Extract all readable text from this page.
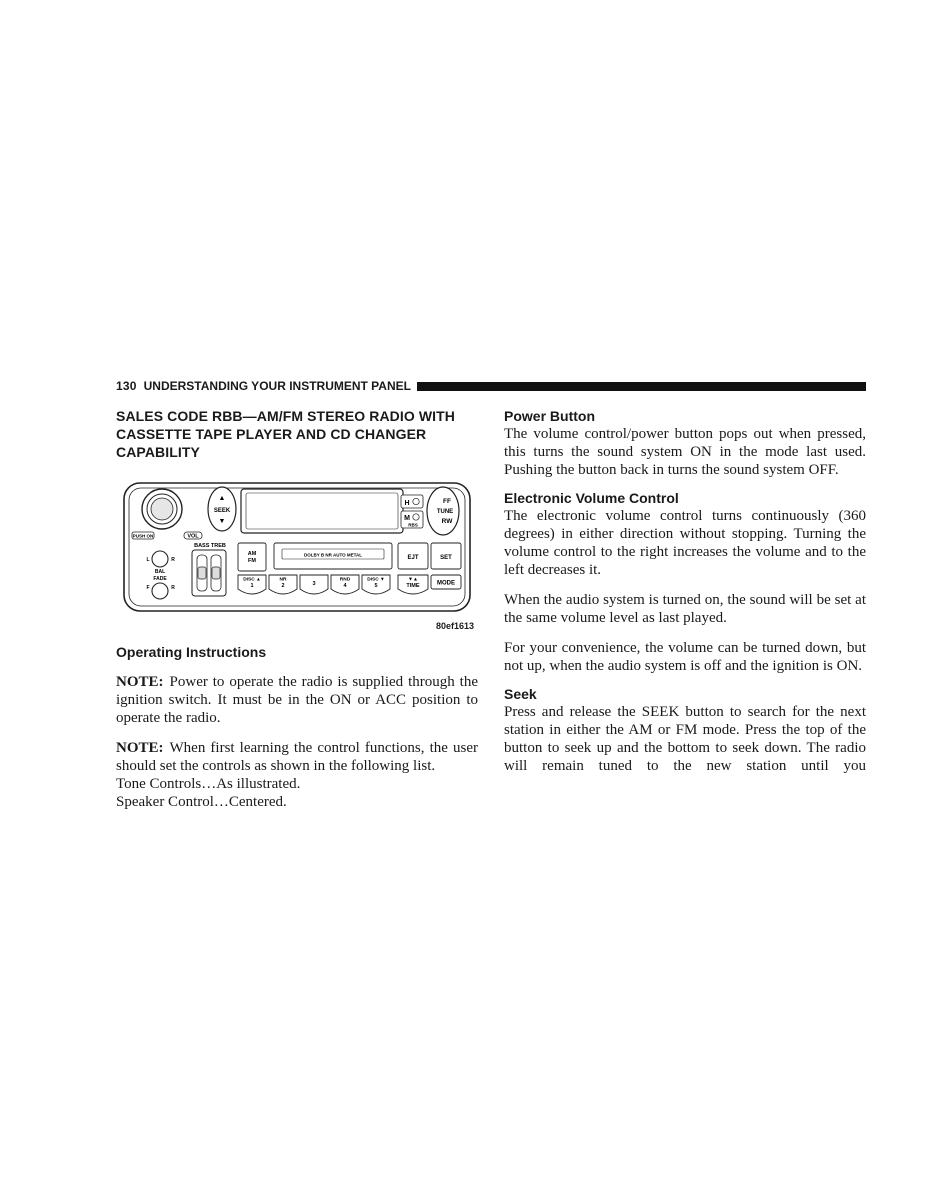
130 UNDERSTANDING YOUR INSTRUMENT PANEL
SALES CODE RBB—AM/FM STEREO RADIO WITH CASSETTE TAPE PLAYER AND CD CHANGER CAPABILITY
PUSH ON	VOL
▲
SEEK
▼
H
M
RBS
FF
TUNE
RW
BASS TREB
L	R
BAL
FADE
F	R
AM
FM
DOLBY B NR AUTO METAL	EJT	SET
DISC ▲
1
NR
2	3
RND
4
DISC ▼
5
▼▲
TIME	MODE
80ef1613
Operating Instructions

NOTE: Power to operate the radio is supplied through the ignition switch. It must be in the ON or ACC position to operate the radio.

NOTE: When first learning the control functions, the user should set the controls as shown in the following list.

Tone Controls…As illustrated.

Speaker Control…Centered.

Power Button

The volume control/power button pops out when pressed, this turns the sound system ON in the mode last used. Pushing the button back in turns the sound system OFF.

Electronic Volume Control

The electronic volume control turns continuously (360 degrees) in either direction without stopping. Turning the volume control to the right increases the volume and to the left decreases it.

When the audio system is turned on, the sound will be set at the same volume level as last played.

For your convenience, the volume can be turned down, but not up, when the audio system is off and the ignition is ON.

Seek

Press and release the SEEK button to search for the next station in either the AM or FM mode. Press the top of the button to seek up and the bottom to seek down. The radio will remain tuned to the new station until you
